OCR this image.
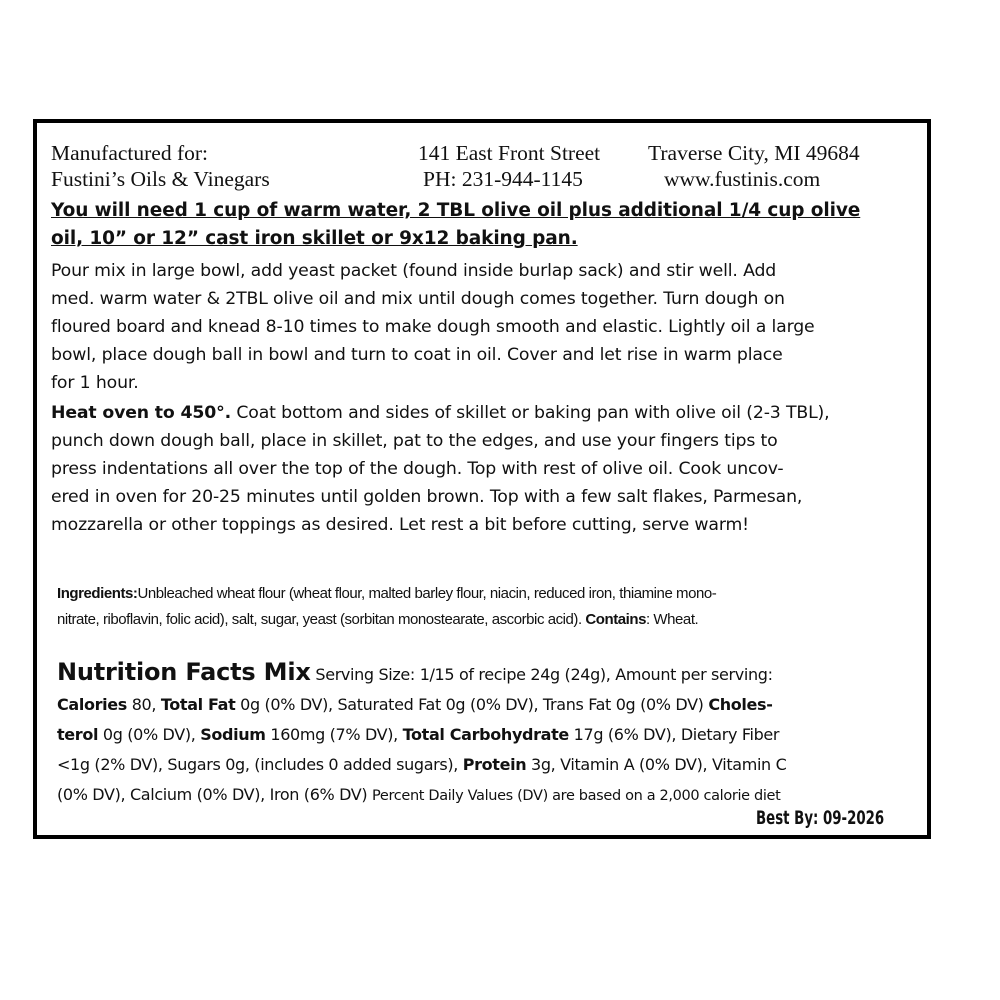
Manufactured for:
Fustini’s Oils & Vinegars
141 East Front Street Traverse City, MI 49684
PH: 231-944-1145	www.fustinis.com
You will need 1 cup of warm water, 2 TBL olive oil plus additional 1/4 cup olive
oil, 10” or 12” cast iron skillet or 9x12 baking pan.
Pour mix in large bowl, add yeast packet (found inside burlap sack) and stir well. Add
med. warm water & 2TBL olive oil and mix until dough comes together. Turn dough on
floured board and knead 8-10 times to make dough smooth and elastic. Lightly oil a large
bowl, place dough ball in bowl and turn to coat in oil. Cover and let rise in warm place
for 1 hour.
Heat oven to 450°. Coat bottom and sides of skillet or baking pan with olive oil (2-3 TBL),
punch down dough ball, place in skillet, pat to the edges, and use your fingers tips to
press indentations all over the top of the dough. Top with rest of olive oil. Cook uncov-
ered in oven for 20-25 minutes until golden brown. Top with a few salt flakes, Parmesan,
mozzarella or other toppings as desired. Let rest a bit before cutting, serve warm!
Ingredients:Unbleached wheat flour (wheat flour, malted barley flour, niacin, reduced iron, thiamine mono-
nitrate, riboflavin, folic acid), salt, sugar, yeast (sorbitan monostearate, ascorbic acid). Contains: Wheat.
Nutrition Facts Mix Serving Size: 1/15 of recipe 24g (24g), Amount per serving:
Calories 80, Total Fat 0g (0% DV), Saturated Fat 0g (0% DV), Trans Fat 0g (0% DV) Choles-
terol 0g (0% DV), Sodium 160mg (7% DV), Total Carbohydrate 17g (6% DV), Dietary Fiber
<1g (2% DV), Sugars 0g, (includes 0 added sugars), Protein 3g, Vitamin A (0% DV), Vitamin C
(0% DV), Calcium (0% DV), Iron (6% DV) Percent Daily Values (DV) are based on a 2,000 calorie diet
Best By: 09-2026
